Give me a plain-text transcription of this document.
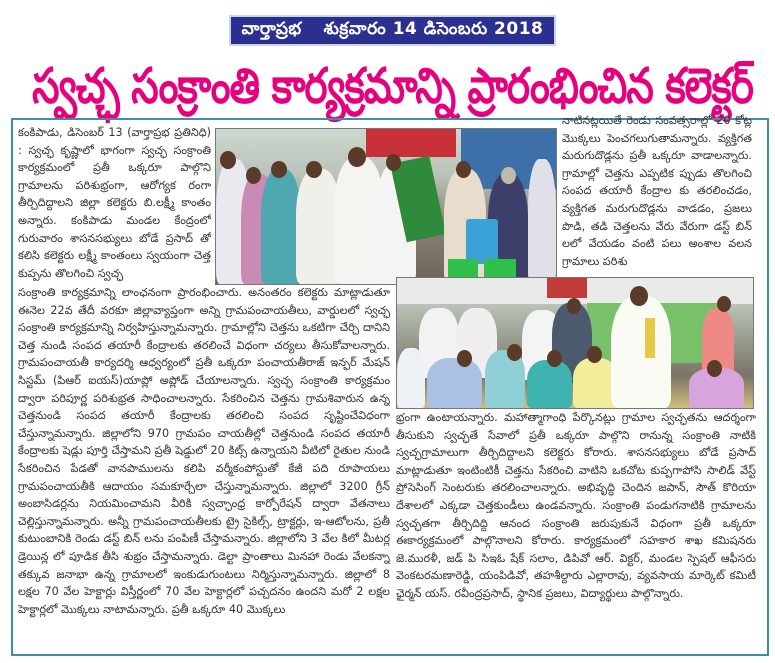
వార్తాప్రభ శుక్రవారం 14 డిసెంబరు 2018
స్వచ్ఛ సంక్రాంతి కార్యక్రమాన్ని ప్రారంభించిన కలెక్టర్
కంకిపాడు, డిసెంబర్ 13 (వార్తాప్రభ ప్రతినిధి) : స్వచ్ఛ కృష్ణాలో భాగంగా స్వచ్ఛ సంక్రాంతి కార్యక్రమంలో ప్రతీ ఒక్కరూ పాల్గొని గ్రామాలను పరిశుభ్రంగా, ఆరోగ్యక రంగా తీర్చిదిద్దాలని జిల్లా కలెక్టరు బి.లక్ష్మీ కాంతం అన్నారు. కంకిపాడు మండల కేంద్రంలో గురువారం శాసనసభ్యులు బోడే ప్రసాద్ తో కలిసి కలెక్టరు లక్ష్మీ కాంతంలు స్వయంగా చెత్త కుప్పను తొలగించి స్వచ్ఛ
సంక్రాంతి కార్యక్రమాన్ని లాంఛనంగా ప్రారంభించారు. అనంతరం కలెక్టరు మాట్లాడుతూ ఈనెల 22వ తేదీ వరకూ జిల్లావ్యాప్తంగా అన్ని గ్రామపంచాయతీలు, వార్డులలో స్వచ్ఛ సంక్రాంతి కార్యక్రమాన్ని నిర్వహిస్తున్నామన్నారు. గ్రామాల్లోని చెత్తను ఒకటిగా చేర్చి దానిని చెత్త నుండి సంపద తయారీ కేంద్రాలకు తరలించే విధంగా చర్యలు తీసుకోవాలన్నారు. గ్రామపంచాయతీ కార్యదర్శి ఆధ్వర్యంలో ప్రతీ ఒక్కరూ పంచాయతీరాజ్ ఇన్ఫర్ మేషన్ సిస్టమ్ (పిఆర్ ఐయస్)యాప్లో అప్లోడ్ చేయాలన్నారు. స్వచ్ఛ సంక్రాంతి కార్యక్రమం ద్వారా పరిపూర్ణ పరిశుభ్రత సాధించాలన్నారు. సేకరించిన చెత్తను గ్రామశివారున ఉన్న చెత్తనుండి సంపద తయారీ కేంద్రాలకు తరలించి సంపద సృష్టించేవిధంగా చేస్తున్నామన్నారు. జిల్లాలోని 970 గ్రామపం చాయతీల్లో చెత్తనుండి సంపద తయారీ కేంద్రాలకు షెడ్లు పూర్తి చేస్తామని ప్రతీ షెడ్డులో 20 కిట్స్ ఉన్నాయని వీటిలో రైతుల నుండి సేకరించిన పేడతో వానపాములను కలిపి వర్మీకంపోస్టుతో కేజీ పది రూపాయలు గ్రామపంచాయతీకి ఆదాయం సమకూర్చేలా చేస్తున్నామన్నారు. జిల్లాలో 3200 గ్రీన్ అంబాసిడర్లను నియమించామని వీరికి స్వచ్ఛాంధ్ర కార్పోరేషన్ ద్వారా వేతనాలు చెల్లిస్తున్నామన్నారు. అన్నీ గ్రామపంచాయతీలకు ట్రై సైకిల్స్, ట్రాక్టర్లు, ఇ-ఆటోలను, ప్రతీ కుటుంబానికి రెండు డస్ట్ బిన్ లను పంపిణీ చేస్తామన్నారు. జిల్లాలోని 3 వేల కిలో మీటర్ల డ్రెయిన్ల లో పూడిక తీసి శుభ్రం చేస్తామన్నారు. డెల్టా ప్రాంతాలు మినహా రెండు వేలకన్నా తక్కువ జనాభా ఉన్న గ్రామాలలో ఇంకుడుగుంటలు నిర్మిస్తున్నామన్నారు. జిల్లాలో 8 లక్షల 70 వేల హెక్టార్లు విస్తీర్ణంలో 70 వేల హెక్టార్లలో పచ్చదనం ఉందని మరో 2 లక్షల హెక్టార్లలో మొక్కలు నాటామన్నారు. ప్రతీ ఒక్కరూ 40 మొక్కలు
నాటినట్లయితే రెండు సంవత్సరాల్లో 20 కోట్ల మొక్కలు పెంచగలుగుతామన్నారు. వ్యక్తిగత మరుగుదొడ్లను ప్రతీ ఒక్కరూ వాడాలన్నారు. గ్రామాల్లో చెత్తను ఎప్పటిక ప్పుడు తొలగించి సంపద తయారీ కేంద్రాల కు తరలించడం, వ్యక్తిగత మరుగుదొడ్లను వాడడం, ప్రజలు పొడి, తడి చెత్తలను వేరు వేరుగా డస్ట్ బిన్ లలో వేయడం వంటి పలు అంశాల వలన గ్రామాలు పరిశు
భ్రంగా ఉంటాయన్నారు. మహాత్మాగాంధి పేర్కొనట్లు గ్రామాల స్వచ్ఛతను ఆదర్శంగా తీసుకుని స్వచ్ఛతే సేవాలో ప్రతీ ఒక్కరూ పాల్గొని రానున్న సంక్రాంతి నాటికి స్వచ్ఛగ్రామాలుగా తీర్చిదిద్దాలని కలెక్టరు కోరారు. శాసనసభ్యులు బోడే ప్రసాద్ మాట్లాడుతూ ఇంటింటికీ చెత్తను సేకరించి వాటిని ఒకచోట కుప్పగాపోసి సాలిడ్ వేస్ట్ ప్రోసెసింగ్ సెంటరుకు తరలించాలన్నారు. అభివృద్ధి చెందిన జపాన్, సౌత్ కొరియా దేశాలలో ఎక్కడా చెత్తకుండీలు ఉండవన్నారు. సంక్రాంతి పండుగనాటికి గ్రామాలను స్వచ్ఛతగా తీర్చిదిద్ది ఆనంద సంక్రాంతి జరుపుకునే విధంగా ప్రతీ ఒక్కరూ ఈకార్యక్రమంలో పాల్గొనాలని కోరారు. కార్యక్రమంలో సహకార శాఖ కమిషనరు జె.మురళీ, జడ్ పి సిఇఓ షేక్ సలాం, డిపివో ఆర్. విక్టర్, మండల స్పెషల్ ఆఫీసరు వెంకటరమణారెడ్డి, యంపిడివో, తహశీల్దారు ఎల్లారావు, వ్యవసాయ మార్కెట్ కమిటీ ఛైర్మన్ యస్. రవీంద్రప్రసాద్, స్థానిక ప్రజలు, విద్యార్థులు పాల్గొన్నారు.
